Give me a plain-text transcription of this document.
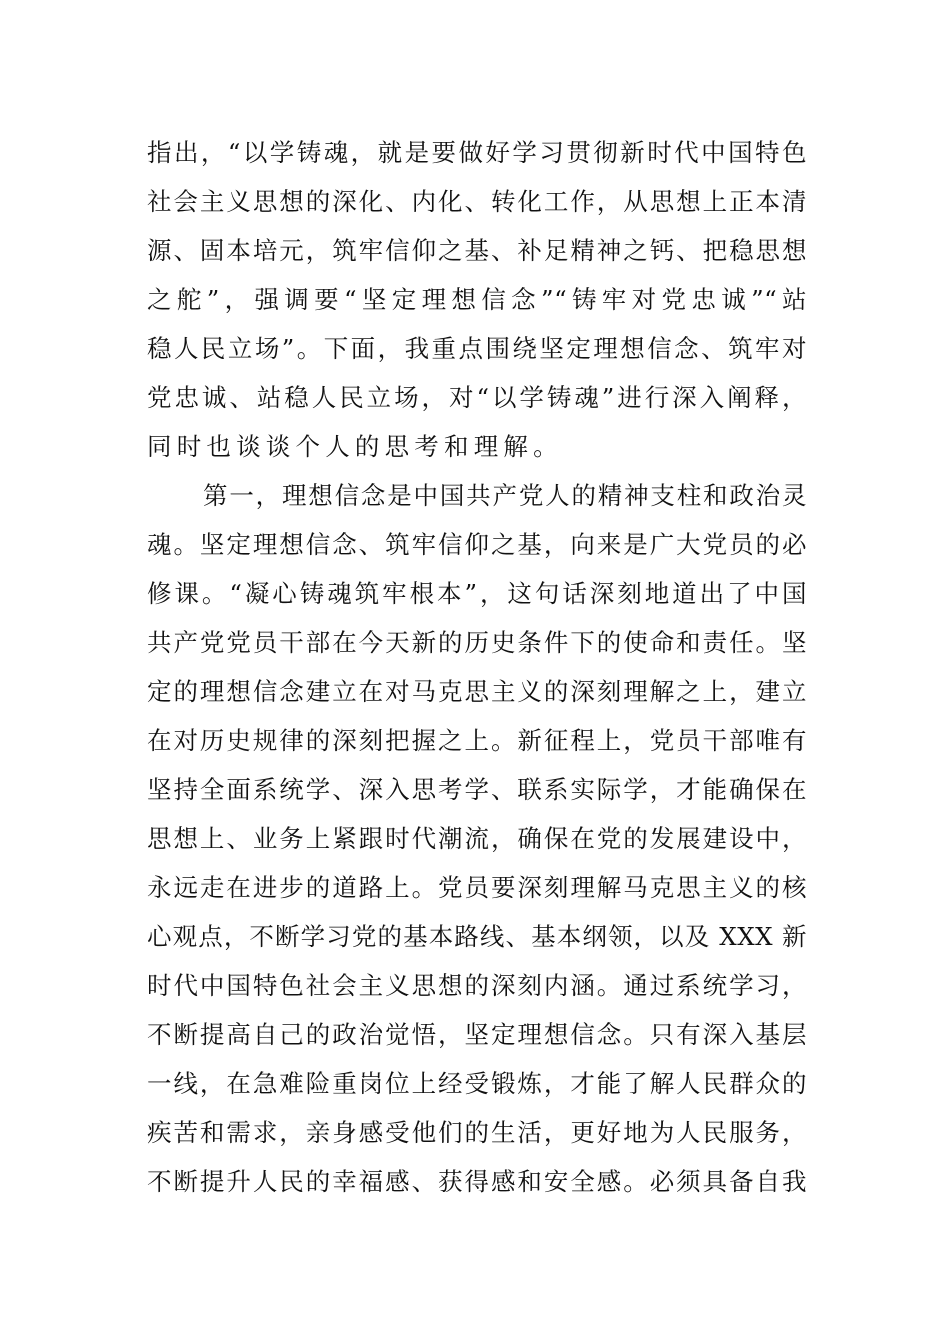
指出，“以学铸魂，就是要做好学习贯彻新时代中国特色
社会主义思想的深化、内化、转化工作，从思想上正本清
源、固本培元，筑牢信仰之基、补足精神之钙、把稳思想
之舵”，强调要“坚定理想信念”“铸牢对党忠诚”“站
稳人民立场”。下面，我重点围绕坚定理想信念、筑牢对
党忠诚、站稳人民立场，对“以学铸魂”进行深入阐释，
同时也谈谈个人的思考和理解。
第一，理想信念是中国共产党人的精神支柱和政治灵
魂。坚定理想信念、筑牢信仰之基，向来是广大党员的必
修课。“凝心铸魂筑牢根本”，这句话深刻地道出了中国
共产党党员干部在今天新的历史条件下的使命和责任。坚
定的理想信念建立在对马克思主义的深刻理解之上，建立
在对历史规律的深刻把握之上。新征程上，党员干部唯有
坚持全面系统学、深入思考学、联系实际学，才能确保在
思想上、业务上紧跟时代潮流，确保在党的发展建设中，
永远走在进步的道路上。党员要深刻理解马克思主义的核
心观点，不断学习党的基本路线、基本纲领，以及 XXX 新
时代中国特色社会主义思想的深刻内涵。通过系统学习，
不断提高自己的政治觉悟，坚定理想信念。只有深入基层
一线，在急难险重岗位上经受锻炼，才能了解人民群众的
疾苦和需求，亲身感受他们的生活，更好地为人民服务，
不断提升人民的幸福感、获得感和安全感。必须具备自我
